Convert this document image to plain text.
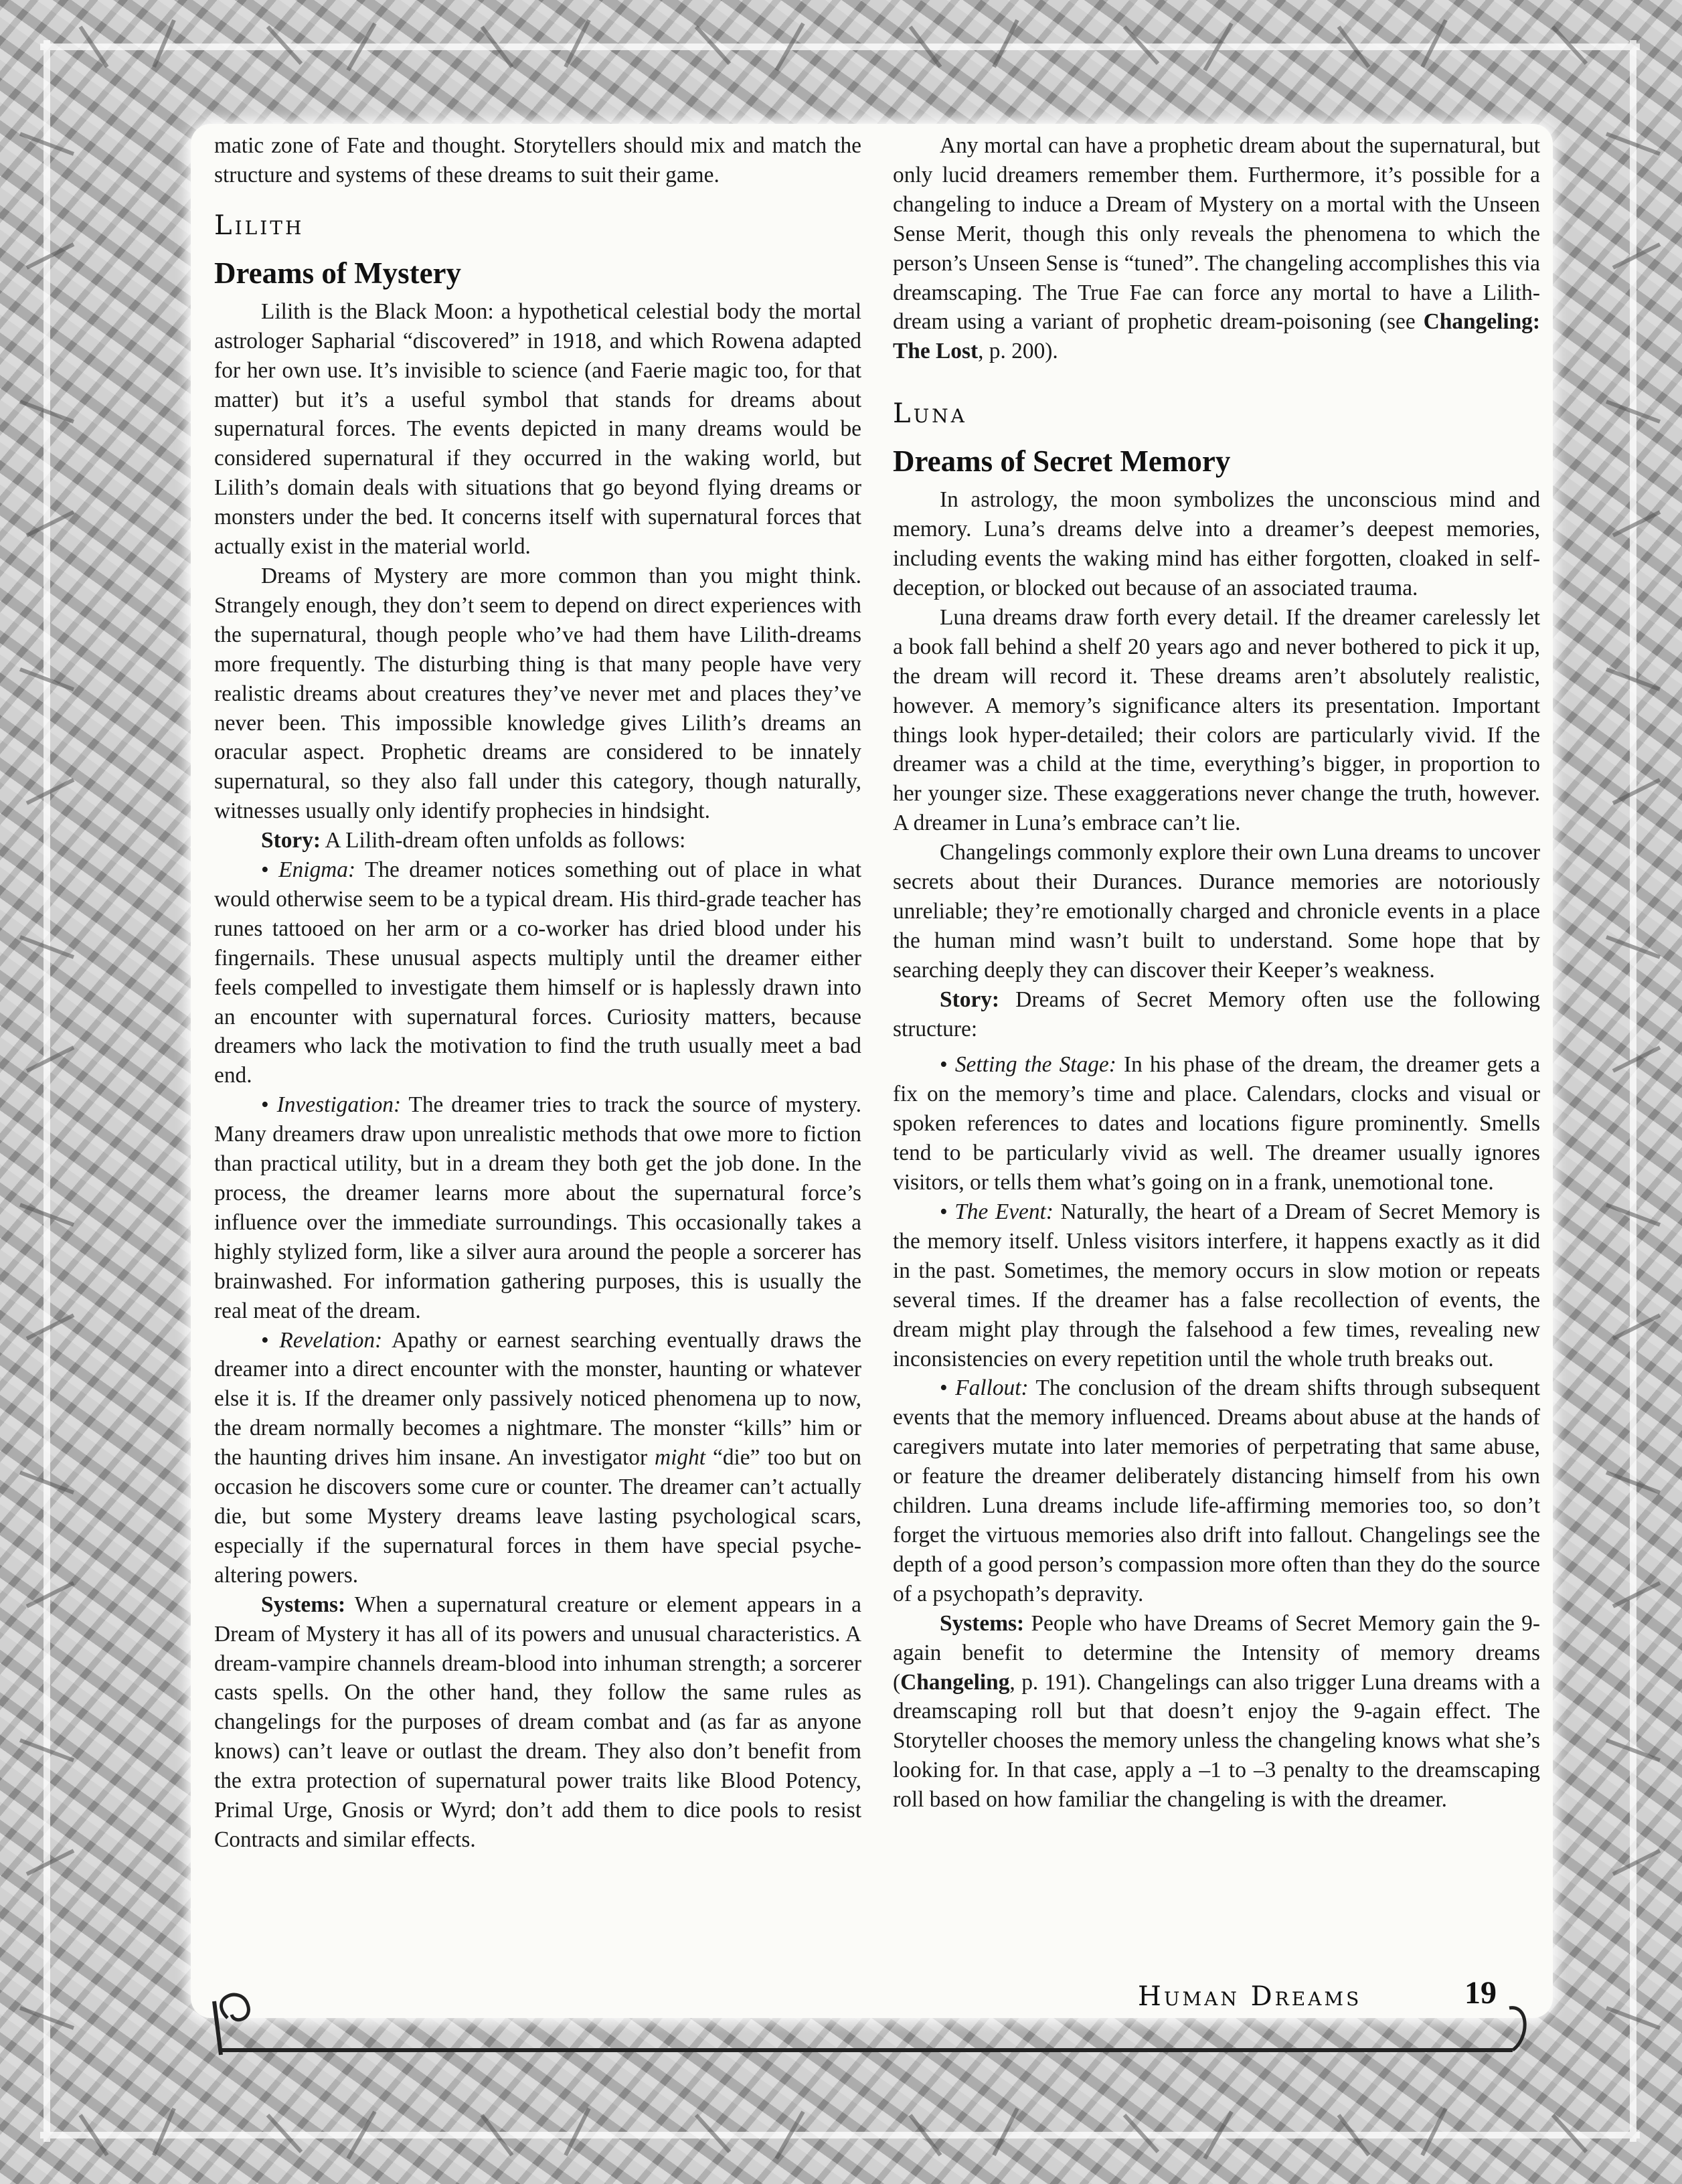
matic zone of Fate and thought. Storytellers should mix and match the structure and systems of these dreams to suit their game.

Lilith
Dreams of Mystery

Lilith is the Black Moon: a hypothetical celestial body the mortal astrologer Sapharial “discovered” in 1918, and which Rowena adapted for her own use. It’s invisible to science (and Faerie magic too, for that matter) but it’s a useful symbol that stands for dreams about supernatural forces. The events depicted in many dreams would be considered supernatural if they occurred in the waking world, but Lilith’s domain deals with situations that go beyond flying dreams or monsters under the bed. It concerns itself with supernatural forces that actually exist in the material world.

Dreams of Mystery are more common than you might think. Strangely enough, they don’t seem to depend on direct experiences with the supernatural, though people who’ve had them have Lilith-dreams more frequently. The disturbing thing is that many people have very realistic dreams about creatures they’ve never met and places they’ve never been. This impossible knowledge gives Lilith’s dreams an oracular aspect. Prophetic dreams are considered to be innately supernatural, so they also fall under this category, though naturally, witnesses usually only identify prophecies in hindsight.

Story: A Lilith-dream often unfolds as follows:

• Enigma: The dreamer notices something out of place in what would otherwise seem to be a typical dream. His third-grade teacher has runes tattooed on her arm or a co-worker has dried blood under his fingernails. These unusual aspects multiply until the dreamer either feels compelled to investigate them himself or is haplessly drawn into an encounter with supernatural forces. Curiosity matters, because dreamers who lack the motivation to find the truth usually meet a bad end.

• Investigation: The dreamer tries to track the source of mystery. Many dreamers draw upon unrealistic methods that owe more to fiction than practical utility, but in a dream they both get the job done. In the process, the dreamer learns more about the supernatural force’s influence over the immediate surroundings. This occasionally takes a highly stylized form, like a silver aura around the people a sorcerer has brainwashed. For information gathering purposes, this is usually the real meat of the dream.

• Revelation: Apathy or earnest searching eventually draws the dreamer into a direct encounter with the monster, haunting or whatever else it is. If the dreamer only passively noticed phenomena up to now, the dream normally becomes a nightmare. The monster “kills” him or the haunting drives him insane. An investigator might “die” too but on occasion he discovers some cure or counter. The dreamer can’t actually die, but some Mystery dreams leave lasting psychological scars, especially if the supernatural forces in them have special psyche-altering powers.

Systems: When a supernatural creature or element appears in a Dream of Mystery it has all of its powers and unusual characteristics. A dream-vampire channels dream-blood into inhuman strength; a sorcerer casts spells. On the other hand, they follow the same rules as changelings for the purposes of dream combat and (as far as anyone knows) can’t leave or outlast the dream. They also don’t benefit from the extra protection of supernatural power traits like Blood Potency, Primal Urge, Gnosis or Wyrd; don’t add them to dice pools to resist Contracts and similar effects.

Any mortal can have a prophetic dream about the supernatural, but only lucid dreamers remember them. Furthermore, it’s possible for a changeling to induce a Dream of Mystery on a mortal with the Unseen Sense Merit, though this only reveals the phenomena to which the person’s Unseen Sense is “tuned”. The changeling accomplishes this via dreamscaping. The True Fae can force any mortal to have a Lilith-dream using a variant of prophetic dream-poisoning (see Changeling: The Lost, p. 200).

Luna
Dreams of Secret Memory

In astrology, the moon symbolizes the unconscious mind and memory. Luna’s dreams delve into a dreamer’s deepest memories, including events the waking mind has either forgotten, cloaked in self-deception, or blocked out because of an associated trauma.

Luna dreams draw forth every detail. If the dreamer carelessly let a book fall behind a shelf 20 years ago and never bothered to pick it up, the dream will record it. These dreams aren’t absolutely realistic, however. A memory’s significance alters its presentation. Important things look hyper-detailed; their colors are particularly vivid. If the dreamer was a child at the time, everything’s bigger, in proportion to her younger size. These exaggerations never change the truth, however. A dreamer in Luna’s embrace can’t lie.

Changelings commonly explore their own Luna dreams to uncover secrets about their Durances. Durance memories are notoriously unreliable; they’re emotionally charged and chronicle events in a place the human mind wasn’t built to understand. Some hope that by searching deeply they can discover their Keeper’s weakness.

Story: Dreams of Secret Memory often use the following structure:

• Setting the Stage: In his phase of the dream, the dreamer gets a fix on the memory’s time and place. Calendars, clocks and visual or spoken references to dates and locations figure prominently. Smells tend to be particularly vivid as well. The dreamer usually ignores visitors, or tells them what’s going on in a frank, unemotional tone.

• The Event: Naturally, the heart of a Dream of Secret Memory is the memory itself. Unless visitors interfere, it happens exactly as it did in the past. Sometimes, the memory occurs in slow motion or repeats several times. If the dreamer has a false recollection of events, the dream might play through the falsehood a few times, revealing new inconsistencies on every repetition until the whole truth breaks out.

• Fallout: The conclusion of the dream shifts through subsequent events that the memory influenced. Dreams about abuse at the hands of caregivers mutate into later memories of perpetrating that same abuse, or feature the dreamer deliberately distancing himself from his own children. Luna dreams include life-affirming memories too, so don’t forget the virtuous memories also drift into fallout. Changelings see the depth of a good person’s compassion more often than they do the source of a psychopath’s depravity.

Systems: People who have Dreams of Secret Memory gain the 9-again benefit to determine the Intensity of memory dreams (Changeling, p. 191). Changelings can also trigger Luna dreams with a dreamscaping roll but that doesn’t enjoy the 9-again effect. The Storyteller chooses the memory unless the changeling knows what she’s looking for. In that case, apply a –1 to –3 penalty to the dreamscaping roll based on how familiar the changeling is with the dreamer.

Human Dreams	19
